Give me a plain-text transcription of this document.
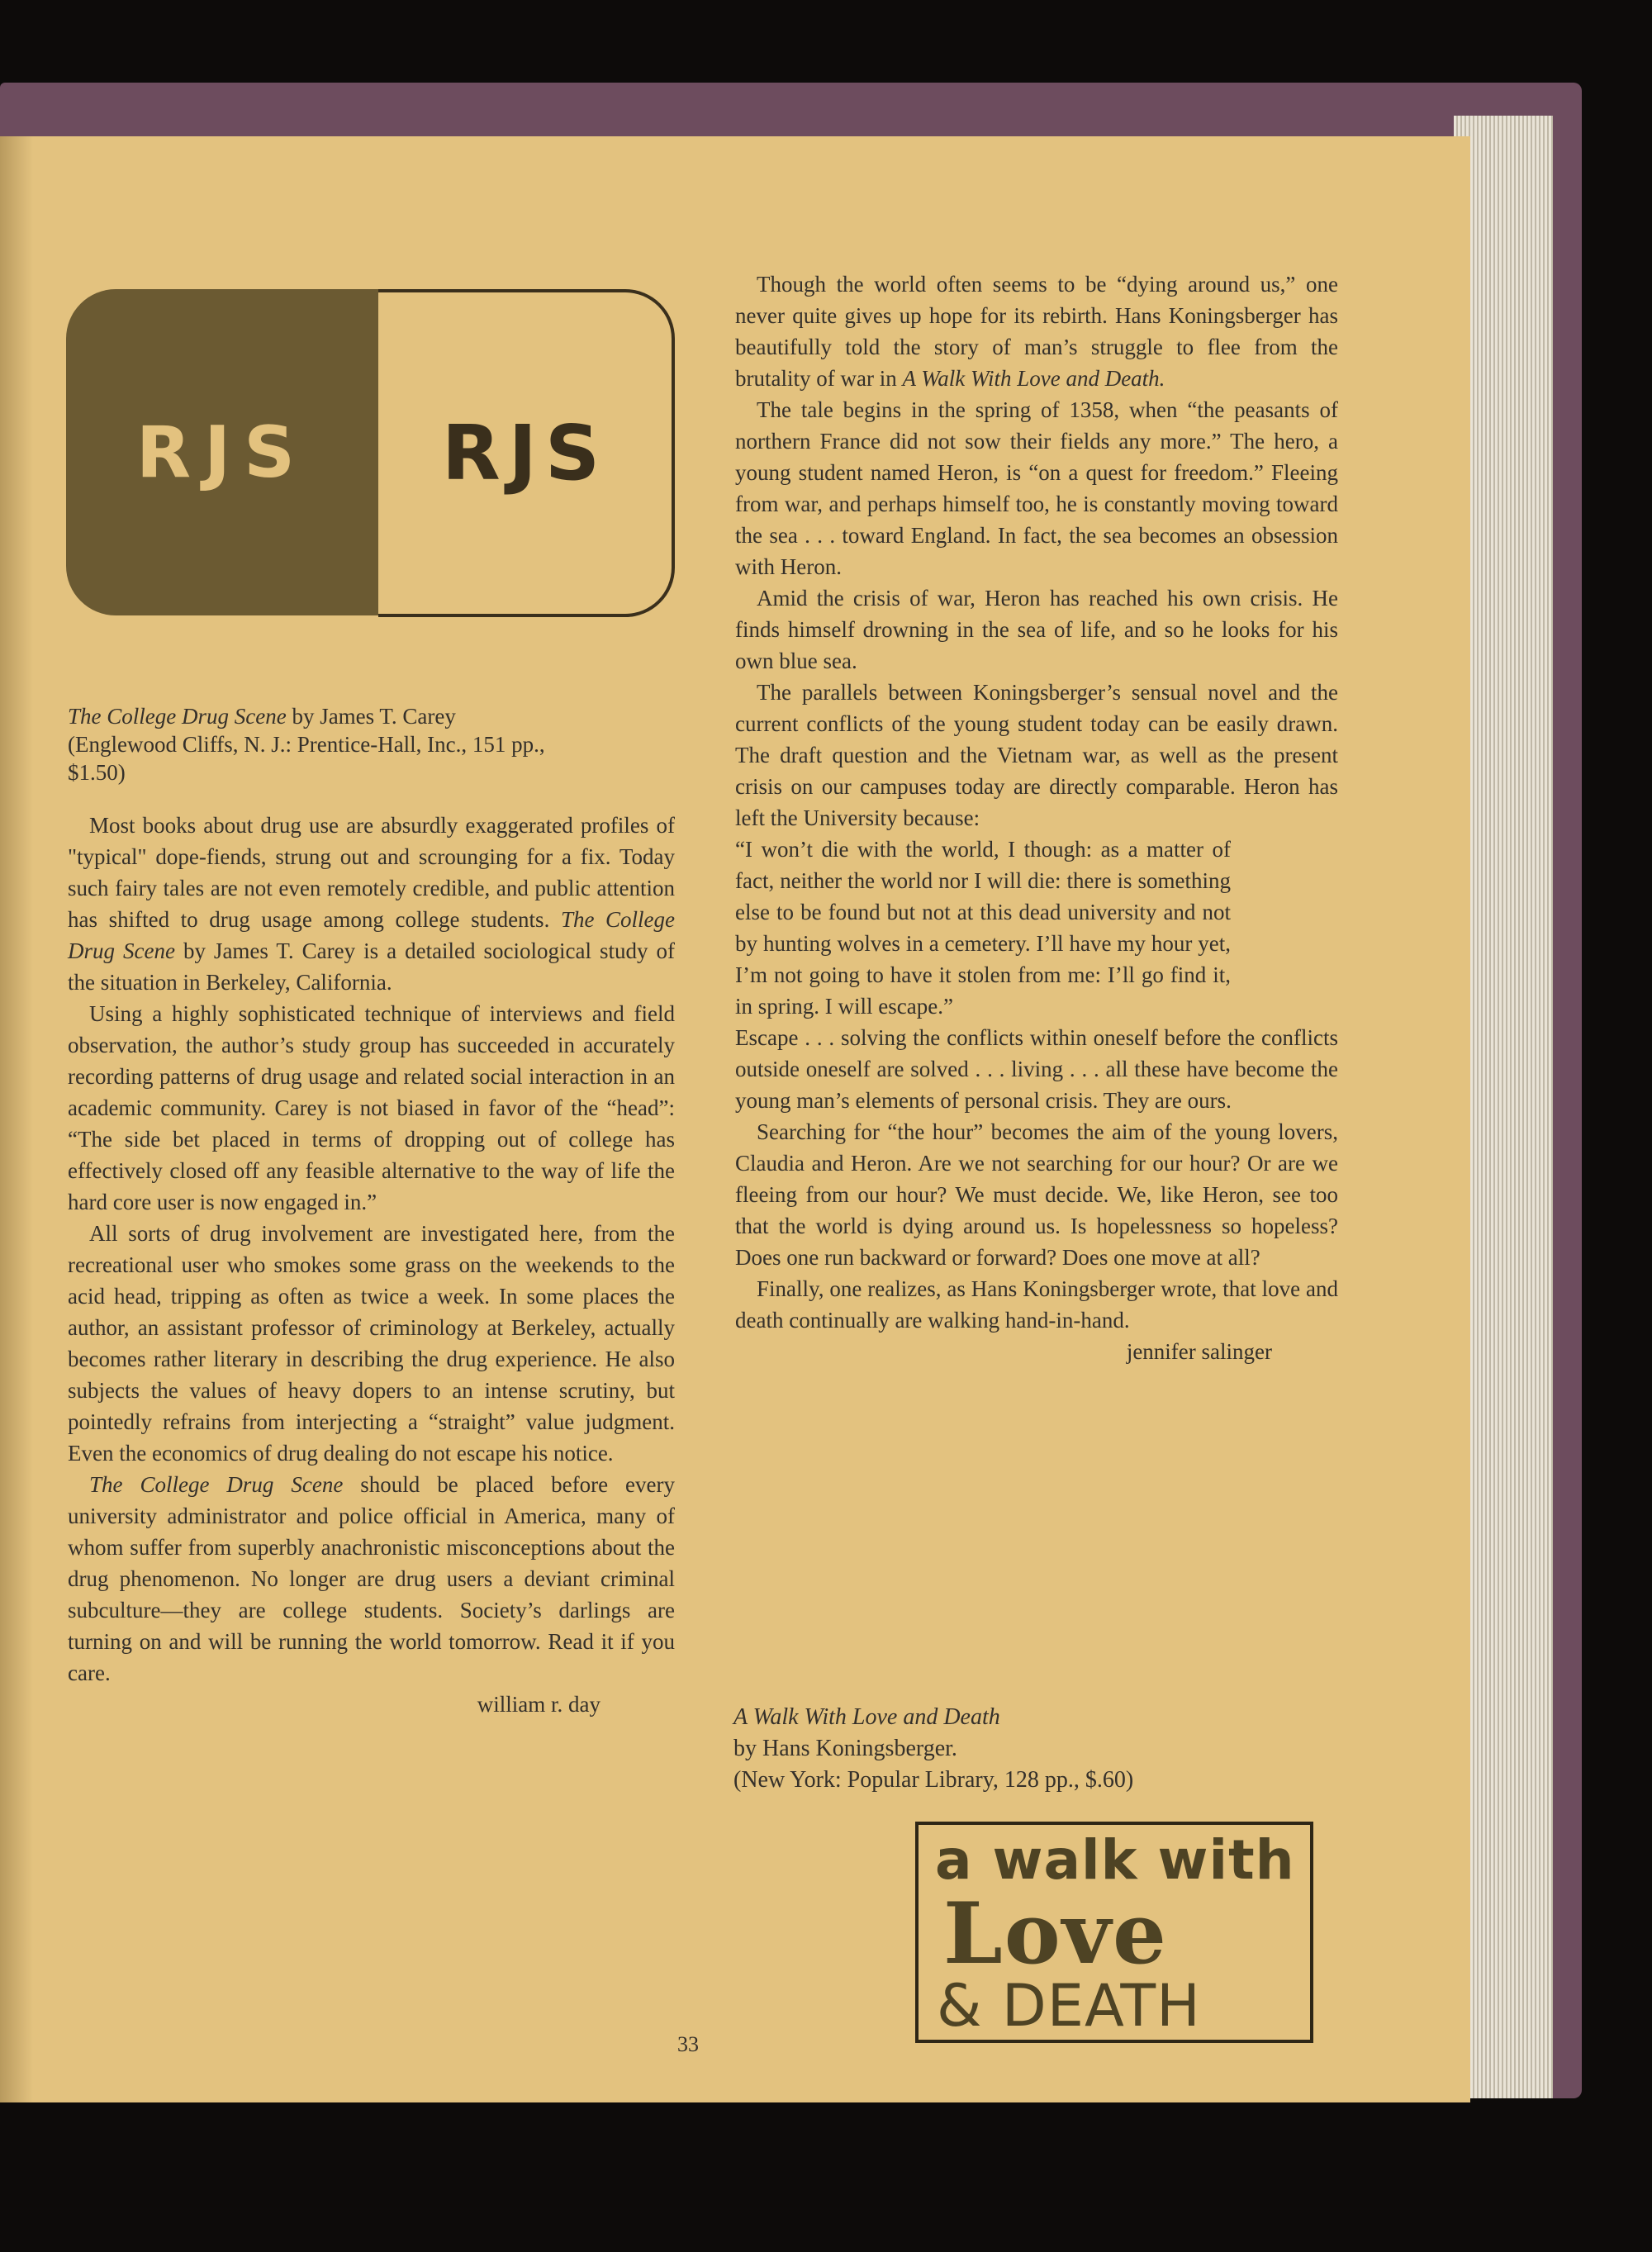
RJS RJS

The College Drug Scene by James T. Carey (Englewood Cliffs, N. J.: Prentice-Hall, Inc., 151 pp., $1.50)

Most books about drug use are absurdly exaggerated profiles of "typical" dope-fiends, strung out and scrounging for a fix. Today such fairy tales are not even remotely credible, and public attention has shifted to drug usage among college students. The College Drug Scene by James T. Carey is a detailed sociological study of the situation in Berkeley, California.

Using a highly sophisticated technique of interviews and field observation, the author’s study group has succeeded in accurately recording patterns of drug usage and related social interaction in an academic community. Carey is not biased in favor of the “head”: “The side bet placed in terms of dropping out of college has effectively closed off any feasible alternative to the way of life the hard core user is now engaged in.”

All sorts of drug involvement are investigated here, from the recreational user who smokes some grass on the weekends to the acid head, tripping as often as twice a week. In some places the author, an assistant professor of criminology at Berkeley, actually becomes rather literary in describing the drug experience. He also subjects the values of heavy dopers to an intense scrutiny, but pointedly refrains from interjecting a “straight” value judgment. Even the economics of drug dealing do not escape his notice.

The College Drug Scene should be placed before every university administrator and police official in America, many of whom suffer from superbly anachronistic misconceptions about the drug phenomenon. No longer are drug users a deviant criminal subculture—they are college students. Society’s darlings are turning on and will be running the world tomorrow. Read it if you care.

william r. day

Though the world often seems to be “dying around us,” one never quite gives up hope for its rebirth. Hans Koningsberger has beautifully told the story of man’s struggle to flee from the brutality of war in A Walk With Love and Death.

The tale begins in the spring of 1358, when “the peasants of northern France did not sow their fields any more.” The hero, a young student named Heron, is “on a quest for freedom.” Fleeing from war, and perhaps himself too, he is constantly moving toward the sea . . . toward England. In fact, the sea becomes an obsession with Heron.

Amid the crisis of war, Heron has reached his own crisis. He finds himself drowning in the sea of life, and so he looks for his own blue sea.

The parallels between Koningsberger’s sensual novel and the current conflicts of the young student today can be easily drawn. The draft question and the Vietnam war, as well as the present crisis on our campuses today are directly comparable. Heron has left the University because:

“I won’t die with the world, I though: as a matter of fact, neither the world nor I will die: there is something else to be found but not at this dead university and not by hunting wolves in a cemetery. I’ll have my hour yet, I’m not going to have it stolen from me: I’ll go find it, in spring. I will escape.”

Escape . . . solving the conflicts within oneself before the conflicts outside oneself are solved . . . living . . . all these have become the young man’s elements of personal crisis. They are ours.

Searching for “the hour” becomes the aim of the young lovers, Claudia and Heron. Are we not searching for our hour? Or are we fleeing from our hour? We must decide. We, like Heron, see too that the world is dying around us. Is hopelessness so hopeless? Does one run backward or forward? Does one move at all?

Finally, one realizes, as Hans Koningsberger wrote, that love and death continually are walking hand-in-hand.

jennifer salinger

A Walk With Love and Death
by Hans Koningsberger.
(New York: Popular Library, 128 pp., $.60)
a walk with
Love
& DEATH
33
